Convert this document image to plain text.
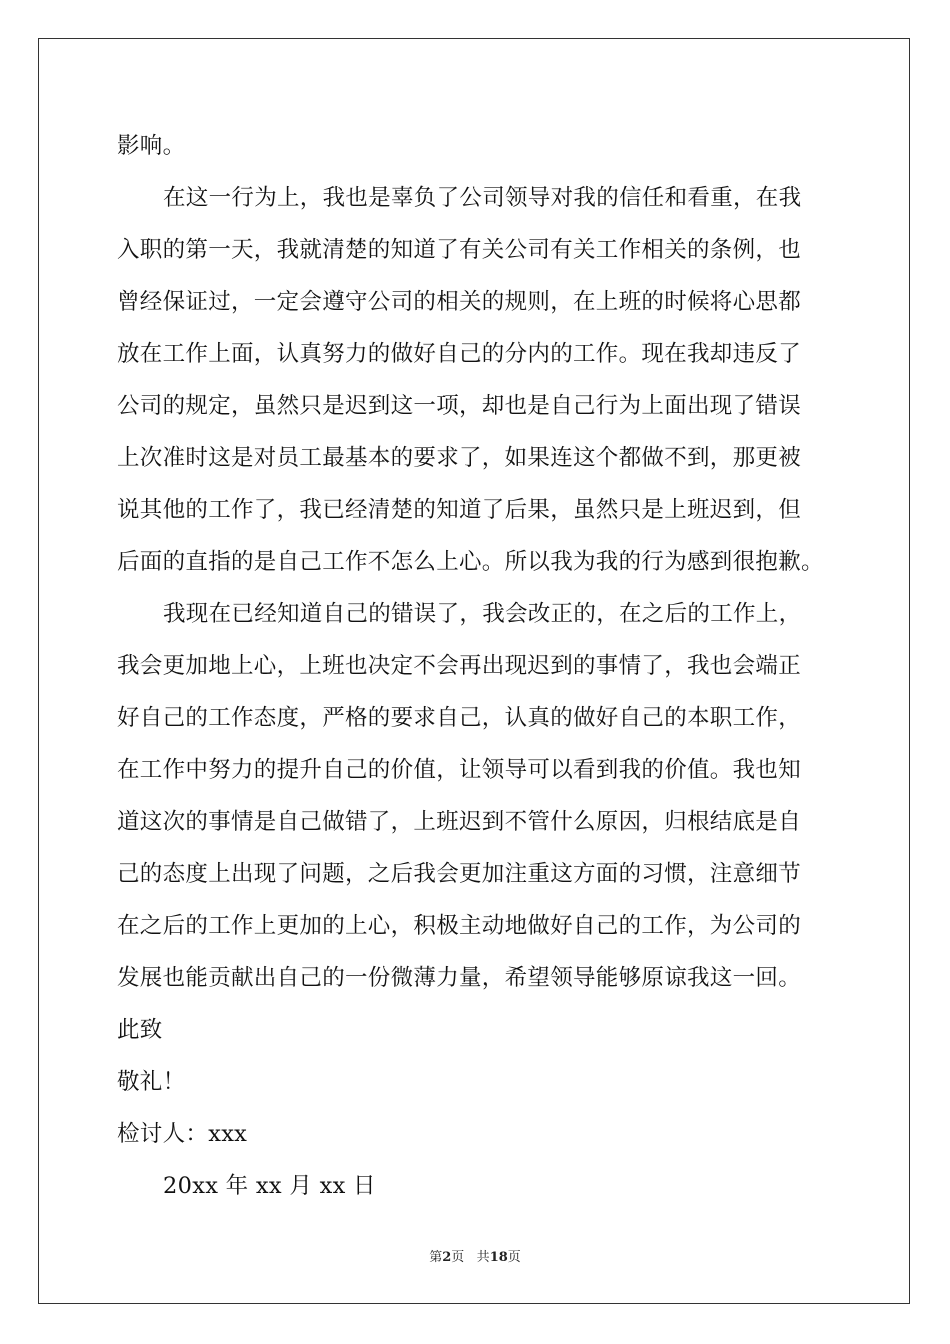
影响。
在这一行为上，我也是辜负了公司领导对我的信任和看重，在我
入职的第一天，我就清楚的知道了有关公司有关工作相关的条例，也
曾经保证过，一定会遵守公司的相关的规则，在上班的时候将心思都
放在工作上面，认真努力的做好自己的分内的工作。现在我却违反了
公司的规定，虽然只是迟到这一项，却也是自己行为上面出现了错误
上次准时这是对员工最基本的要求了，如果连这个都做不到，那更被
说其他的工作了，我已经清楚的知道了后果，虽然只是上班迟到，但
后面的直指的是自己工作不怎么上心。所以我为我的行为感到很抱歉。
我现在已经知道自己的错误了，我会改正的，在之后的工作上，
我会更加地上心，上班也决定不会再出现迟到的事情了，我也会端正
好自己的工作态度，严格的要求自己，认真的做好自己的本职工作，
在工作中努力的提升自己的价值，让领导可以看到我的价值。我也知
道这次的事情是自己做错了，上班迟到不管什么原因，归根结底是自
己的态度上出现了问题，之后我会更加注重这方面的习惯，注意细节
在之后的工作上更加的上心，积极主动地做好自己的工作，为公司的
发展也能贡献出自己的一份微薄力量，希望领导能够原谅我这一回。
此致
敬礼！
检讨人：xxx
20xx 年 xx 月 xx 日
第2页 共18页
